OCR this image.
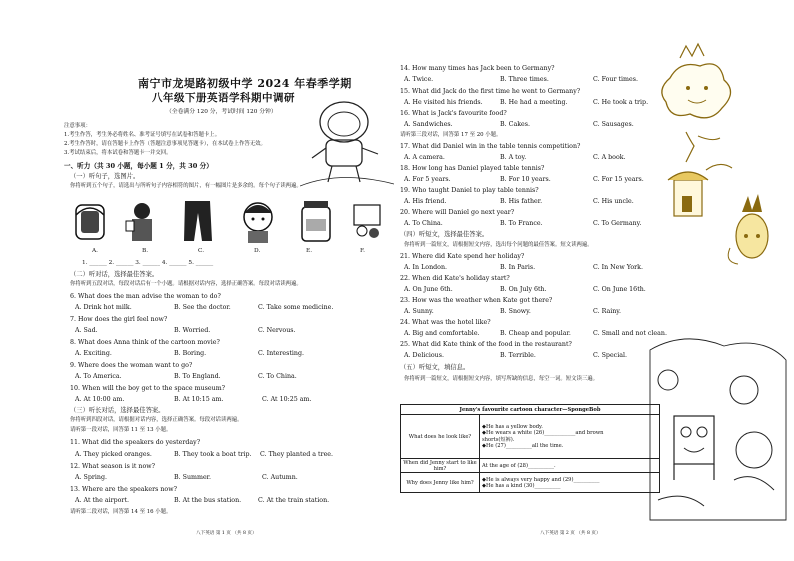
南宁市龙堤路初级中学 2024 年春季学期
八年级下册英语学科期中调研
（全卷满分 120 分，考试时间 120 分钟）
注意事项：
1.考生作答，考生务必将姓名、准考证号填写在试卷和答题卡上。
2.考生作答时，请在答题卡上作答（答题注意事项见答题卡），在本试卷上作答无效。
3.考试结束后，将本试卷和答题卡一并交回。
一、听力（共 30 小题，每小题 1 分，共 30 分）
（一）听句子，选图片。
你将听到五个句子，请选出与所听句子内容相符的图片，有一幅图片是多余的。每个句子读两遍。
A.	B.	C.	D.	E.	F.
1. ______ 2. ______ 3. ______ 4. ______ 5. ______
（二）听对话，选择最佳答案。
你将听到五段对话，每段对话后有一个小题。请根据对话内容，选择正确答案。每段对话读两遍。
6. What does the man advise the woman to do?
A. Drink hot milk.	B. See the doctor.	C. Take some medicine.
7. How does the girl feel now?
A. Sad.	B. Worried.	C. Nervous.
8. What does Anna think of the cartoon movie?
A. Exciting.	B. Boring.	C. Interesting.
9. Where does the woman want to go?
A. To America.	B. To England.	C. To China.
10. When will the boy get to the space museum?
A. At 10:00 am.	B. At 10:15 am.	C. At 10:25 am.
（三）听长对话，选择最佳答案。
你将听到四段对话，请根据对话内容，选择正确答案。每段对话读两遍。
请听第一段对话，回答第 11 至 13 小题。
11. What did the speakers do yesterday?
A. They picked oranges.	B. They took a boat trip. C. They planted a tree.
12. What season is it now?
A. Spring.	B. Summer.	C. Autumn.
13. Where are the speakers now?
A. At the airport.	B. At the bus station.	C. At the train station.
请听第二段对话，回答第 14 至 16 小题。
八下英语 第 1 页 （共 8 页）
14. How many times has Jack been to Germany?
A. Twice.	B. Three times.	C. Four times.
15. What did Jack do the first time he went to Germany?
A. He visited his friends.	B. He had a meeting.	C. He took a trip.
16. What is Jack's favourite food?
A. Sandwiches.	B. Cakes.	C. Sausages.
请听第三段对话，回答第 17 至 20 小题。
17. What did Daniel win in the table tennis competition?
A. A camera.	B. A toy.	C. A book.
18. How long has Daniel played table tennis?
A. For 5 years.	B. For 10 years.	C. For 15 years.
19. Who taught Daniel to play table tennis?
A. His friend.	B. His father.	C. His uncle.
20. Where will Daniel go next year?
A. To China.	B. To France.	C. To Germany.
（四）听短文，选择最佳答案。
你将听到一篇短文，请根据短文内容，选出每个问题的最佳答案。短文读两遍。
21. Where did Kate spend her holiday?
A. In London.	B. In Paris.	C. In New York.
22. When did Kate's holiday start?
A. On June 6th.	B. On July 6th.	C. On June 16th.
23. How was the weather when Kate got there?
A. Sunny.	B. Snowy.	C. Rainy.
24. What was the hotel like?
A. Big and comfortable.	B. Cheap and popular.	C. Small and not clean.
25. What did Kate think of the food in the restaurant?
A. Delicious.	B. Terrible.	C. Special.
（五）听短文，填信息。
你将听到一篇短文，请根据短文内容，填写所缺的信息，每空一词。短文读三遍。
Jenny's favourite cartoon character—SpongeBob	
What does he look like?	◆He has a yellow body.
◆He wears a white (26)____________and brown
shorts(短裤).
◆He (27)__________all the time.

When did Jenny start to like him?	At the age of (28)__________.
Why does Jenny like him?	◆He is always very happy and (29)__________
◆He has a kind (30)__________
八下英语 第 2 页 （共 8 页）
